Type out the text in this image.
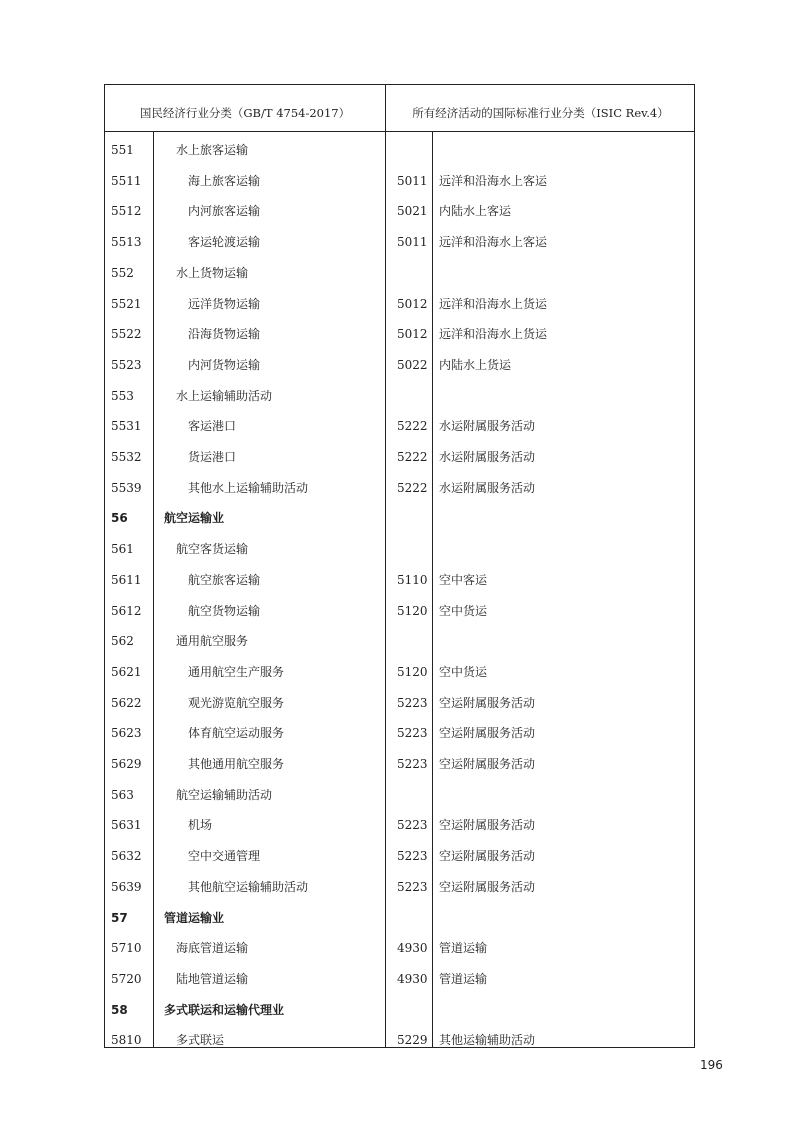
国民经济行业分类（GB/T 4754-2017）	所有经济活动的国际标准行业分类（ISIC Rev.4）
551	水上旅客运输
5511	海上旅客运输	5011 远洋和沿海水上客运
5512	内河旅客运输	5021 内陆水上客运
5513	客运轮渡运输	5011 远洋和沿海水上客运
552	水上货物运输
5521	远洋货物运输	5012 远洋和沿海水上货运
5522	沿海货物运输	5012 远洋和沿海水上货运
5523	内河货物运输	5022 内陆水上货运
553	水上运输辅助活动
5531	客运港口	5222 水运附属服务活动
5532	货运港口	5222 水运附属服务活动
5539	其他水上运输辅助活动	5222 水运附属服务活动
56	航空运输业
561	航空客货运输
5611	航空旅客运输	5110 空中客运
5612	航空货物运输	5120 空中货运
562	通用航空服务
5621	通用航空生产服务	5120 空中货运
5622	观光游览航空服务	5223 空运附属服务活动
5623	体育航空运动服务	5223 空运附属服务活动
5629	其他通用航空服务	5223 空运附属服务活动
563	航空运输辅助活动
5631	机场	5223 空运附属服务活动
5632	空中交通管理	5223 空运附属服务活动
5639	其他航空运输辅助活动	5223 空运附属服务活动
57	管道运输业
5710	海底管道运输	4930 管道运输
5720	陆地管道运输	4930 管道运输
58	多式联运和运输代理业
5810	多式联运	5229 其他运输辅助活动
196
